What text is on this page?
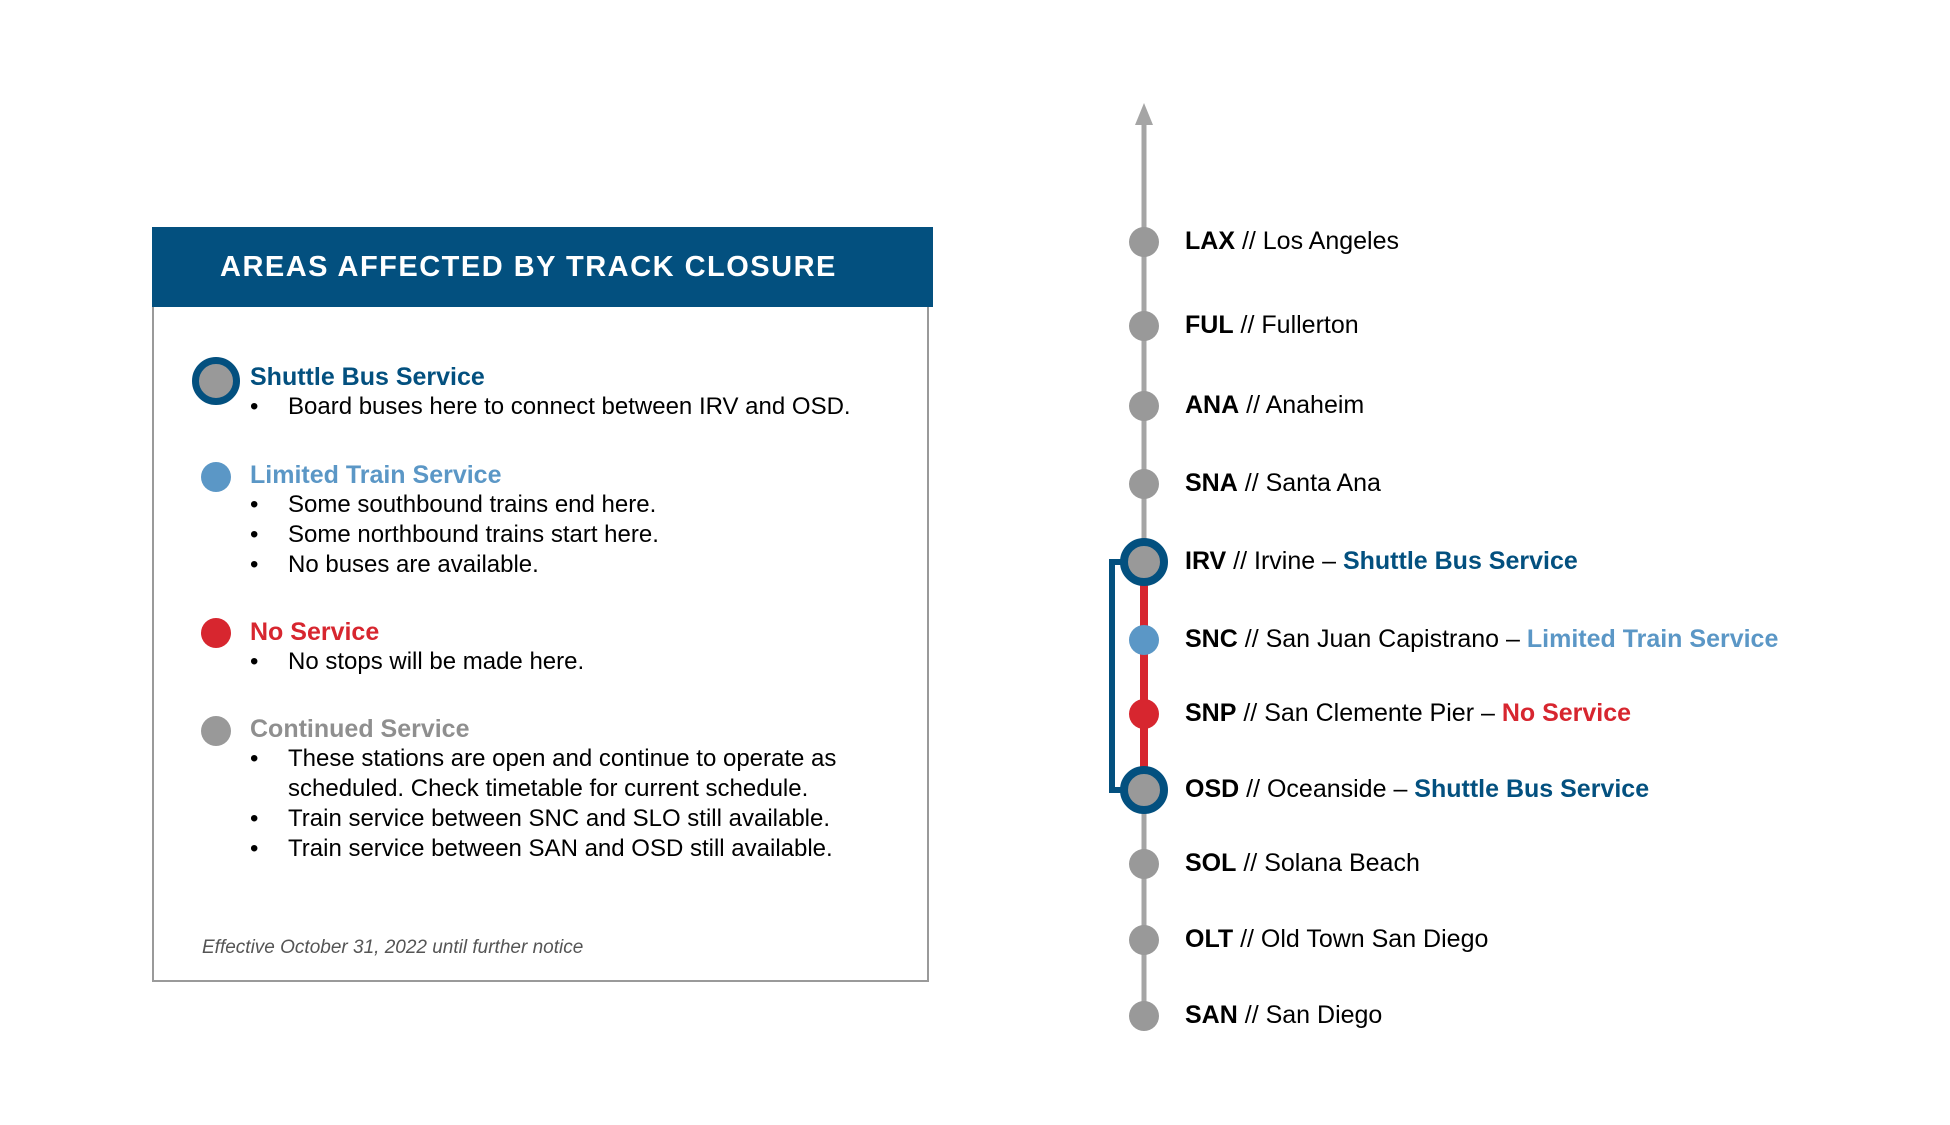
AREAS AFFECTED BY TRACK CLOSURE
Shuttle Bus Service
• Board buses here to connect between IRV and OSD.
Limited Train Service
• Some southbound trains end here.
• Some northbound trains start here.
• No buses are available.
No Service
• No stops will be made here.
Continued Service
• These stations are open and continue to operate as
scheduled. Check timetable for current schedule.
• Train service between SNC and SLO still available.
• Train service between SAN and OSD still available.
Effective October 31, 2022 until further notice
LAX // Los Angeles
FUL // Fullerton
ANA // Anaheim
SNA // Santa Ana
IRV // Irvine – Shuttle Bus Service
SNC // San Juan Capistrano – Limited Train Service
SNP // San Clemente Pier – No Service
OSD // Oceanside – Shuttle Bus Service
SOL // Solana Beach
OLT // Old Town San Diego
SAN // San Diego
